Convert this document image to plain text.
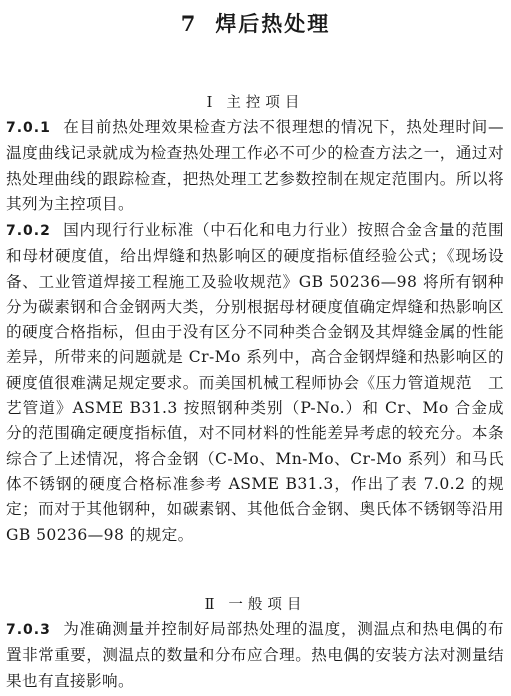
7 焊后热处理
Ⅰ 主控项目
7.0.1 在目前热处理效果检查方法不很理想的情况下，热处理时间—温度曲线记录就成为检查热处理工作必不可少的检查方法之一，通过对热处理曲线的跟踪检查，把热处理工艺参数控制在规定范围内。所以将其列为主控项目。
7.0.2 国内现行行业标准（中石化和电力行业）按照合金含量的范围和母材硬度值，给出焊缝和热影响区的硬度指标值经验公式；《现场设备、工业管道焊接工程施工及验收规范》GB 50236—98 将所有钢种分为碳素钢和合金钢两大类，分别根据母材硬度值确定焊缝和热影响区的硬度合格指标，但由于没有区分不同种类合金钢及其焊缝金属的性能差异，所带来的问题就是 Cr-Mo 系列中，高合金钢焊缝和热影响区的硬度值很难满足规定要求。而美国机械工程师协会《压力管道规范　工艺管道》ASME B31.3 按照钢种类别（P-No.）和 Cr、Mo 合金成分的范围确定硬度指标值，对不同材料的性能差异考虑的较充分。本条综合了上述情况，将合金钢（C-Mo、Mn-Mo、Cr-Mo 系列）和马氏体不锈钢的硬度合格标准参考 ASME B31.3，作出了表 7.0.2 的规定；而对于其他钢种，如碳素钢、其他低合金钢、奥氏体不锈钢等沿用 GB 50236—98 的规定。
Ⅱ 一般项目
7.0.3 为准确测量并控制好局部热处理的温度，测温点和热电偶的布置非常重要，测温点的数量和分布应合理。热电偶的安装方法对测量结果也有直接影响。
